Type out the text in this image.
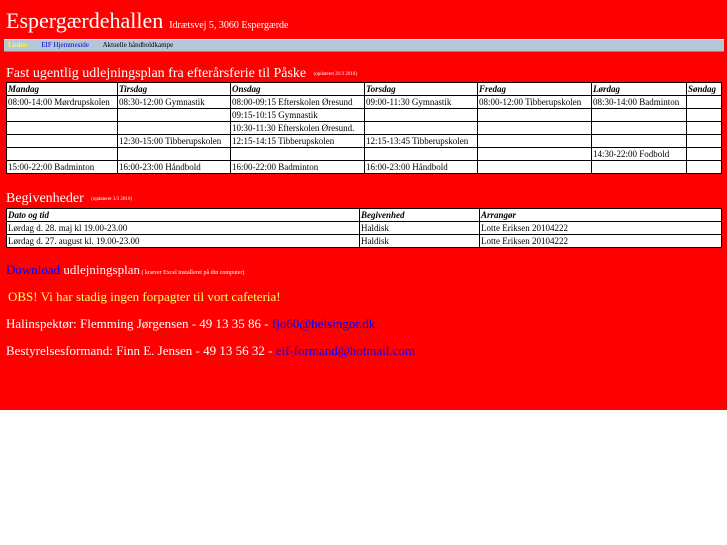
Espergærdehallen Idrætsvej 5, 3060 Espergærde
Links: EIF Hjemmeside Aktuelle håndboldkampe
Fast ugentlig udlejningsplan fra efterårsferie til Påske (opdateret 31/3 2010)
Mandag	Tirsdag	Onsdag	Torsdag	Fredag	Lørdag	Søndag
08:00-14:00 Mørdrupskolen	08:30-12:00 Gymnastik	08:00-09:15 Efterskolen Øresund	09:00-11:30 Gymnastik	08:00-12:00 Tibberupskolen	08:30-14:00 Badminton	
		09:15-10:15 Gymnastik				
		10:30-11:30 Efterskolen Øresund.				
	12:30-15:00 Tibberupskolen	12:15-14:15 Tibberupskolen	12:15-13:45 Tibberupskolen			
					14:30-22:00 Fodbold	
15:00-22:00 Badminton	16:00-23:00 Håndbold	16:00-22:00 Badminton	16:00-23:00 Håndbold			
Begivenheder (opdateret 3/3 2010)
Dato og tid	Begivenhed	Arrangør
Lørdag d. 28. maj kl 19.00-23.00	Haldisk	Lotte Eriksen 20104222
Lørdag d. 27. august kl. 19.00-23.00	Haldisk	Lotte Eriksen 20104222
Download udlejningsplan ( kræver Excel installeret på din computer)
OBS! Vi har stadig ingen forpagter til vort cafeteria!
Halinspektør: Flemming Jørgensen - 49 13 35 86 - fjo60@helsingor.dk
Bestyrelsesformand: Finn E. Jensen - 49 13 56 32 - eif-formand@hotmail.com
